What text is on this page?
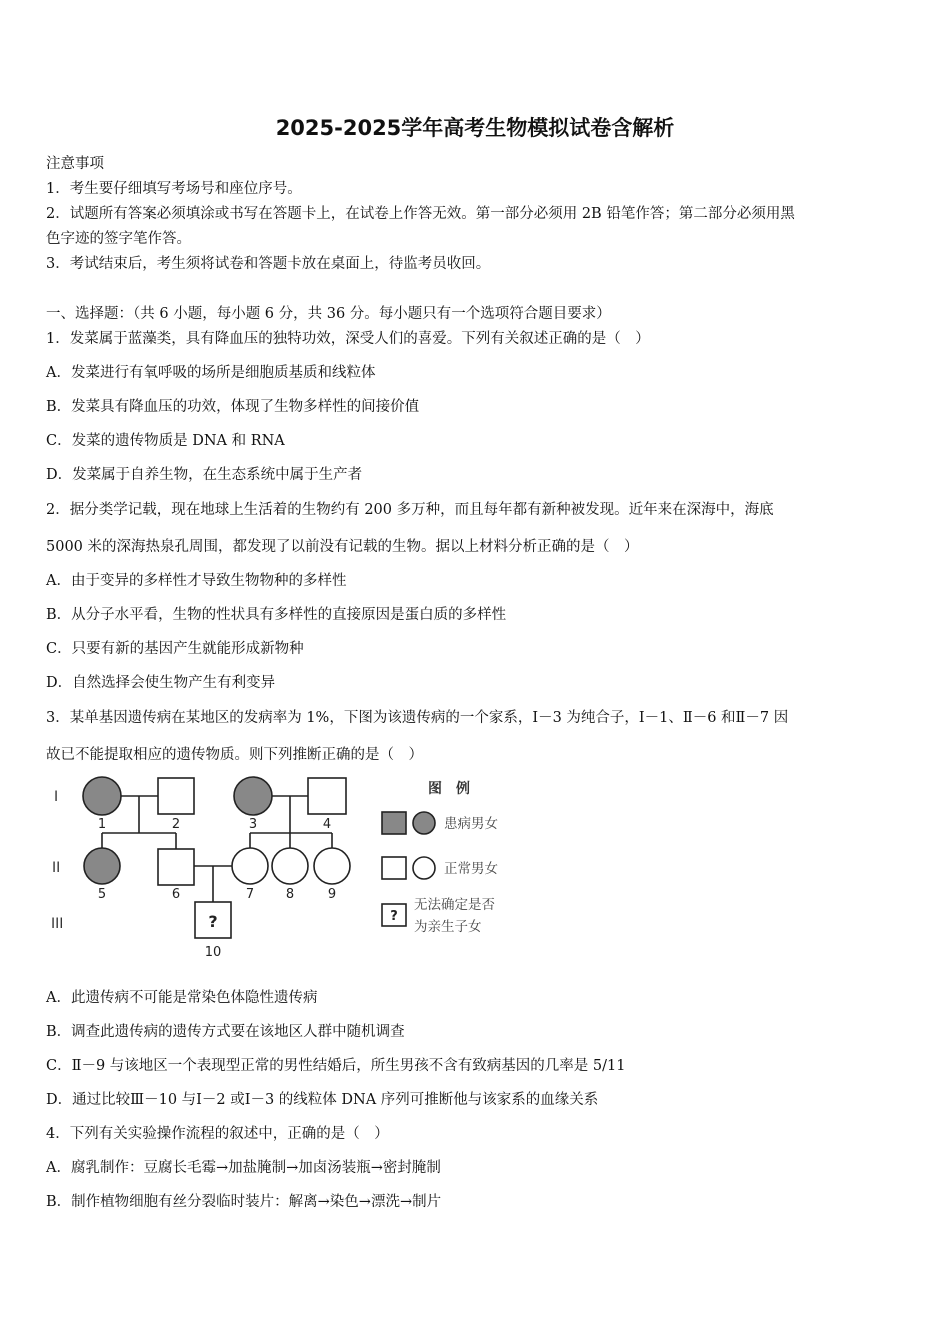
2025-2025学年高考生物模拟试卷含解析
注意事项
1．考生要仔细填写考场号和座位序号。
2．试题所有答案必须填涂或书写在答题卡上，在试卷上作答无效。第一部分必须用 2B 铅笔作答；第二部分必须用黑
色字迹的签字笔作答。
3．考试结束后，考生须将试卷和答题卡放在桌面上，待监考员收回。
一、选择题：（共 6 小题，每小题 6 分，共 36 分。每小题只有一个选项符合题目要求）
1．发菜属于蓝藻类，具有降血压的独特功效，深受人们的喜爱。下列有关叙述正确的是（　）
A．发菜进行有氧呼吸的场所是细胞质基质和线粒体
B．发菜具有降血压的功效，体现了生物多样性的间接价值
C．发菜的遗传物质是 DNA 和 RNA
D．发菜属于自养生物，在生态系统中属于生产者
2．据分类学记载，现在地球上生活着的生物约有 200 多万种，而且每年都有新种被发现。近年来在深海中，海底
5000 米的深海热泉孔周围，都发现了以前没有记载的生物。据以上材料分析正确的是（　）
A．由于变异的多样性才导致生物物种的多样性
B．从分子水平看，生物的性状具有多样性的直接原因是蛋白质的多样性
C．只要有新的基因产生就能形成新物种
D．自然选择会使生物产生有利变异
3．某单基因遗传病在某地区的发病率为 1%，下图为该遗传病的一个家系，Ⅰ－3 为纯合子，Ⅰ－1、Ⅱ－6 和Ⅱ－7 因
故已不能提取相应的遗传物质。则下列推断正确的是（　）
I
II
III
1	2	3	4
5	6	7 8	9
10
?
图　例
?
患病男女
正常男女
无法确定是否
为亲生子女
A．此遗传病不可能是常染色体隐性遗传病
B．调查此遗传病的遗传方式要在该地区人群中随机调查
C．Ⅱ－9 与该地区一个表现型正常的男性结婚后，所生男孩不含有致病基因的几率是 5/11
D．通过比较Ⅲ－10 与Ⅰ－2 或Ⅰ－3 的线粒体 DNA 序列可推断他与该家系的血缘关系
4．下列有关实验操作流程的叙述中，正确的是（　）
A．腐乳制作：豆腐长毛霉→加盐腌制→加卤汤装瓶→密封腌制
B．制作植物细胞有丝分裂临时装片：解离→染色→漂洗→制片
